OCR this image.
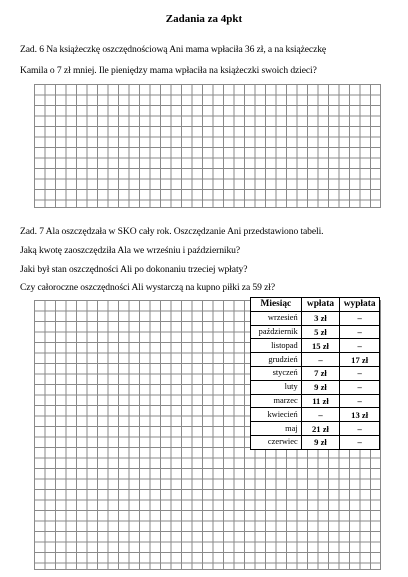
Zadania za 4pkt
Zad. 6 Na książeczkę oszczędnościową Ani mama wpłaciła 36 zł, a na książeczkę
Kamila o 7 zł mniej. Ile pieniędzy mama wpłaciła na książeczki swoich dzieci?
Zad. 7 Ala oszczędzała w SKO cały rok. Oszczędzanie Ani przedstawiono tabeli.
Jaką kwotę zaoszczędziła Ala we wrześniu i październiku?
Jaki był stan oszczędności Ali po dokonaniu trzeciej wpłaty?
Czy całoroczne oszczędności Ali wystarczą na kupno piłki za 59 zł?
Miesiąc	wpłata	wypłata
wrzesień	3 zł	–
październik	5 zł	–
listopad	15 zł	–
grudzień	–	17 zł
styczeń	7 zł	–
luty	9 zł	–
marzec	11 zł	–
kwiecień	–	13 zł
maj	21 zł	–
czerwiec	9 zł	–
